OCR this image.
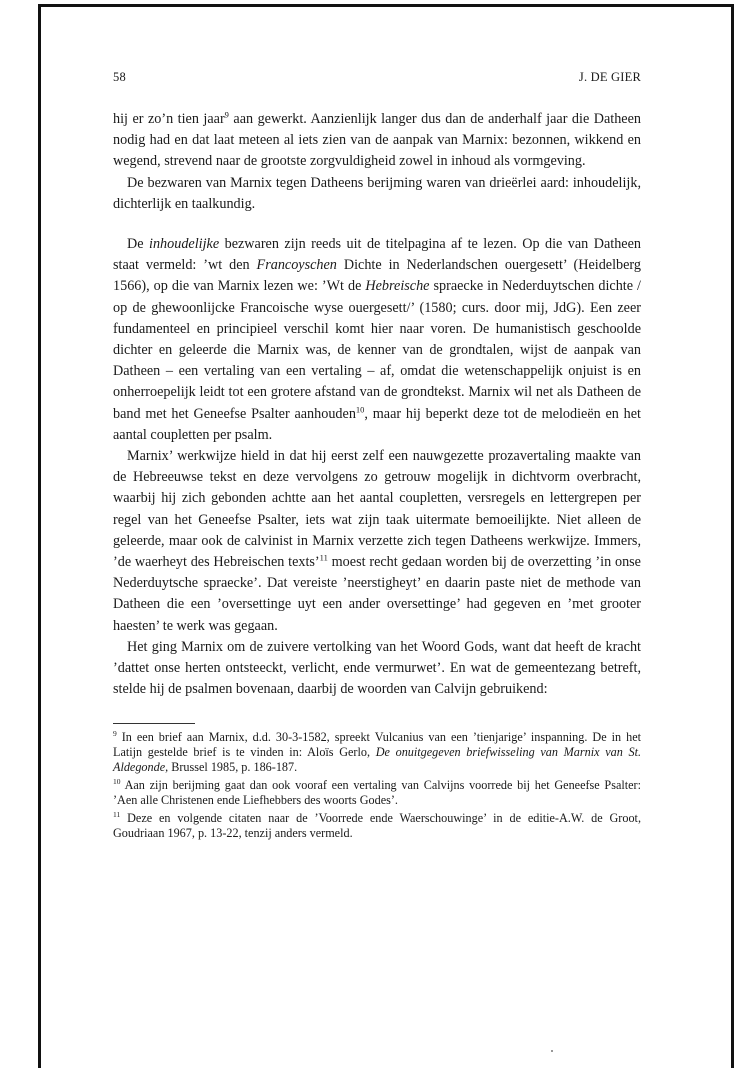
58	J. DE GIER

hij er zo’n tien jaar$^9$ aan gewerkt. Aanzienlijk langer dus dan de anderhalf jaar die Datheen nodig had en dat laat meteen al iets zien van de aanpak van Marnix: bezonnen, wikkend en wegend, strevend naar de grootste zorgvuldigheid zowel in inhoud als vormgeving.

De bezwaren van Marnix tegen Datheens berijming waren van drieërlei aard: inhoudelijk, dichterlijk en taalkundig.

De inhoudelijke bezwaren zijn reeds uit de titelpagina af te lezen. Op die van Datheen staat vermeld: ’wt den Francoyschen Dichte in Nederlandschen ouergesett’ (Heidelberg 1566), op die van Marnix lezen we: ’Wt de Hebreische spraecke in Nederduytschen dichte / op de ghewoonlijcke Francoische wyse ouergesett/’ (1580; curs. door mij, JdG). Een zeer fundamenteel en principieel verschil komt hier naar voren. De humanistisch geschoolde dichter en geleerde die Marnix was, de kenner van de grondtalen, wijst de aanpak van Datheen – een vertaling van een vertaling – af, omdat die wetenschappelijk onjuist is en onherroepelijk leidt tot een grotere afstand van de grondtekst. Marnix wil net als Datheen de band met het Geneefse Psalter aanhouden$^{10}$, maar hij beperkt deze tot de melodieën en het aantal coupletten per psalm.

Marnix’ werkwijze hield in dat hij eerst zelf een nauwgezette prozavertaling maakte van de Hebreeuwse tekst en deze vervolgens zo getrouw mogelijk in dichtvorm overbracht, waarbij hij zich gebonden achtte aan het aantal coupletten, versregels en lettergrepen per regel van het Geneefse Psalter, iets wat zijn taak uitermate bemoeilijkte. Niet alleen de geleerde, maar ook de calvinist in Marnix verzette zich tegen Datheens werkwijze. Immers, ’de waerheyt des Hebreischen texts’$^{11}$ moest recht gedaan worden bij de overzetting ’in onse Nederduytsche spraecke’. Dat vereiste ’neerstigheyt’ en daarin paste niet de methode van Datheen die een ’oversettinge uyt een ander oversettinge’ had gegeven en ’met grooter haesten’ te werk was gegaan.

Het ging Marnix om de zuivere vertolking van het Woord Gods, want dat heeft de kracht ’dattet onse herten ontsteeckt, verlicht, ende vermurwet’. En wat de gemeentezang betreft, stelde hij de psalmen bovenaan, daarbij de woorden van Calvijn gebruikend:

$^9$ In een brief aan Marnix, d.d. 30-3-1582, spreekt Vulcanius van een ’tienjarige’ inspanning. De in het Latijn gestelde brief is te vinden in: Aloïs Gerlo, De onuitgegeven briefwisseling van Marnix van St. Aldegonde, Brussel 1985, p. 186-187.

$^{10}$ Aan zijn berijming gaat dan ook vooraf een vertaling van Calvijns voorrede bij het Geneefse Psalter: ’Aen alle Christenen ende Liefhebbers des woorts Godes’.

$^{11}$ Deze en volgende citaten naar de ’Voorrede ende Waerschouwinge’ in de editie-A.W. de Groot, Goudriaan 1967, p. 13-22, tenzij anders vermeld.
